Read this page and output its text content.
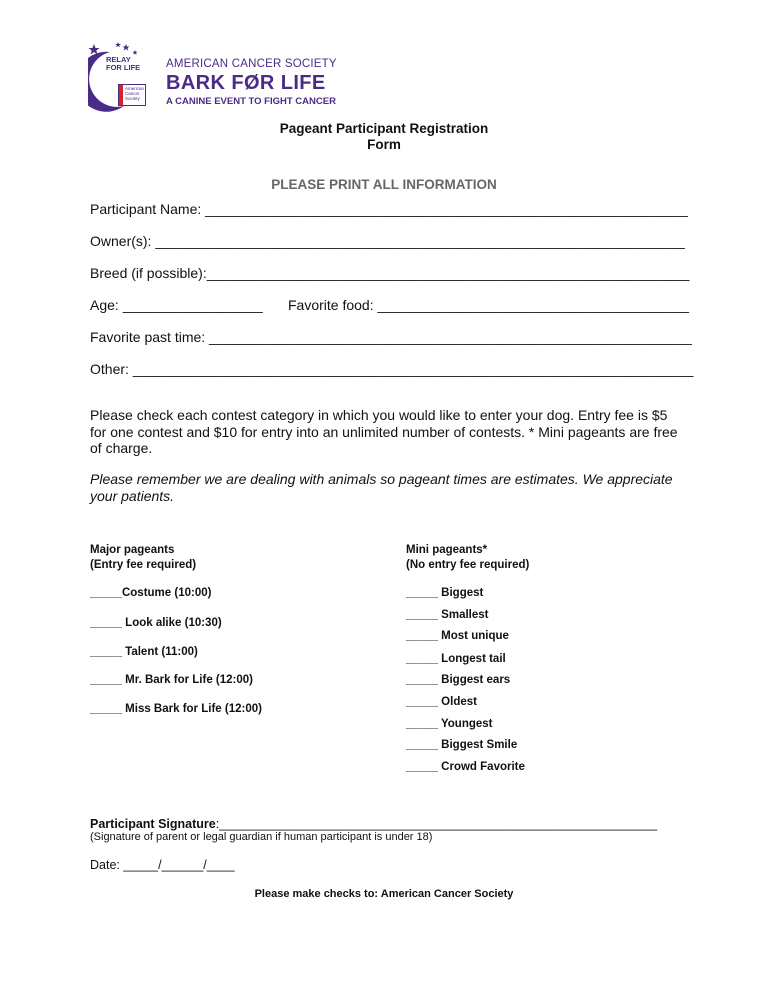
RELAY
FOR LIFE
American Cancer Society
AMERICAN CANCER SOCIETY
BARK FØR LIFE
A CANINE EVENT TO FIGHT CANCER
Pageant Participant Registration
Form
PLEASE PRINT ALL INFORMATION
Participant Name: ______________________________________________________________
Owner(s): ____________________________________________________________________
Breed (if possible):______________________________________________________________
Age: __________________ Favorite food: ________________________________________
Favorite past time: ______________________________________________________________
Other: ________________________________________________________________________
Please check each contest category in which you would like to enter your dog. Entry fee is $5 for one contest and $10 for entry into an unlimited number of contests. * Mini pageants are free of charge.
Please remember we are dealing with animals so pageant times are estimates. We appreciate your patients.
Major pageants
(Entry fee required)
_____Costume (10:00)
_____ Look alike (10:30)
_____ Talent (11:00)
_____ Mr. Bark for Life (12:00)
_____ Miss Bark for Life (12:00)
Mini pageants*
(No entry fee required)
_____ Biggest
_____ Smallest
_____ Most unique
_____ Longest tail
_____ Biggest ears
_____ Oldest
_____ Youngest
_____ Biggest Smile
_____ Crowd Favorite
Participant Signature:_______________________________________________________________
(Signature of parent or legal guardian if human participant is under 18)
Date: _____/______/____
Please make checks to: American Cancer Society
